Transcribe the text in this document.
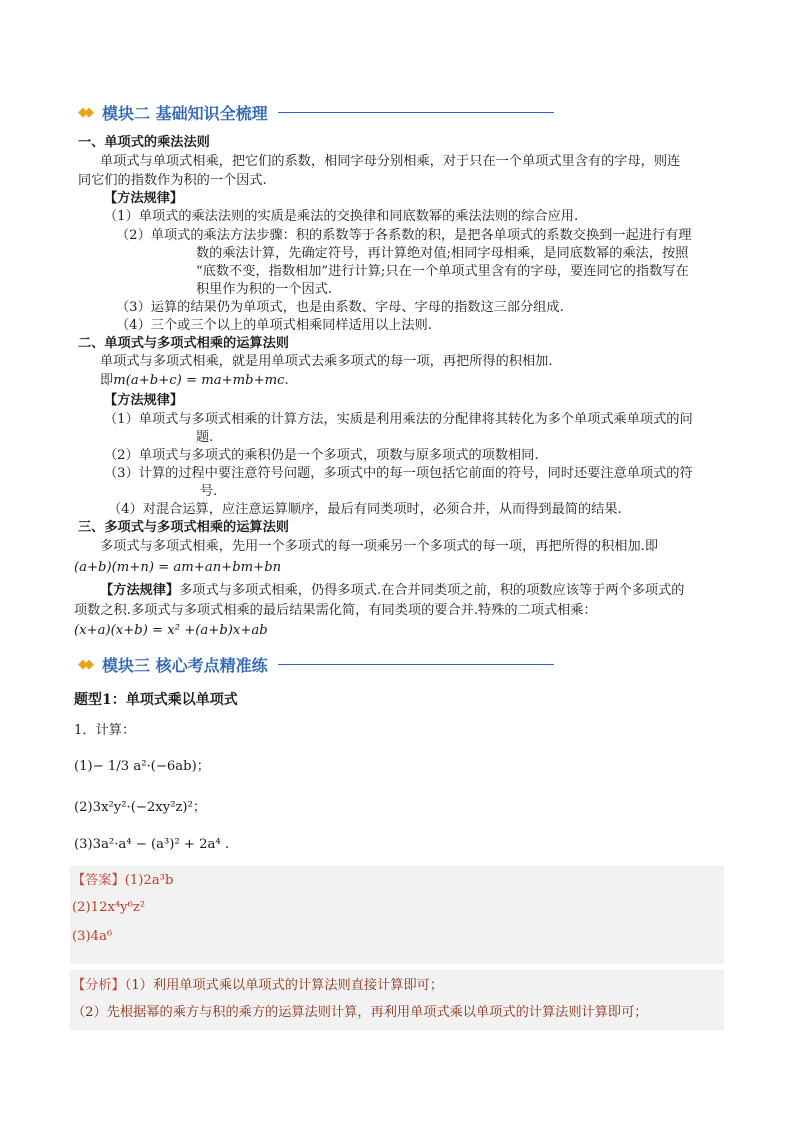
◆◆ 模块二 基础知识全梳理
一、单项式的乘法法则
单项式与单项式相乘，把它们的系数，相同字母分别相乘，对于只在一个单项式里含有的字母，则连
同它们的指数作为积的一个因式.
【方法规律】
（1）单项式的乘法法则的实质是乘法的交换律和同底数幂的乘法法则的综合应用.
（2）单项式的乘法方法步骤：积的系数等于各系数的积，是把各单项式的系数交换到一起进行有理
数的乘法计算，先确定符号，再计算绝对值;相同字母相乘，是同底数幂的乘法，按照
“底数不变，指数相加”进行计算;只在一个单项式里含有的字母，要连同它的指数写在
积里作为积的一个因式.
（3）运算的结果仍为单项式，也是由系数、字母、字母的指数这三部分组成.
（4）三个或三个以上的单项式相乘同样适用以上法则.
二、单项式与多项式相乘的运算法则
单项式与多项式相乘，就是用单项式去乘多项式的每一项，再把所得的积相加.
即m(a+b+c) = ma+mb+mc.
【方法规律】
（1）单项式与多项式相乘的计算方法，实质是利用乘法的分配律将其转化为多个单项式乘单项式的问
题.
（2）单项式与多项式的乘积仍是一个多项式，项数与原多项式的项数相同.
（3）计算的过程中要注意符号问题，多项式中的每一项包括它前面的符号，同时还要注意单项式的符
号.
（4）对混合运算，应注意运算顺序，最后有同类项时，必须合并，从而得到最简的结果.
三、多项式与多项式相乘的运算法则
多项式与多项式相乘，先用一个多项式的每一项乘另一个多项式的每一项，再把所得的积相加.即
(a+b)(m+n) = am+an+bm+bn
【方法规律】多项式与多项式相乘，仍得多项式.在合并同类项之前，积的项数应该等于两个多项式的
项数之积.多项式与多项式相乘的最后结果需化简，有同类项的要合并.特殊的二项式相乘：
(x+a)(x+b) = x² +(a+b)x+ab
◆◆ 模块三 核心考点精准练
题型1：单项式乘以单项式
1．计算：
(1)− 1/3 a²·(−6ab)；
(2)3x²y²·(−2xy²z)²；
(3)3a²·a⁴ − (a³)² + 2a⁴ .
【答案】(1)2a³b
(2)12x⁴y⁶z²
(3)4a⁶
【分析】（1）利用单项式乘以单项式的计算法则直接计算即可；
（2）先根据幂的乘方与积的乘方的运算法则计算，再利用单项式乘以单项式的计算法则计算即可；
